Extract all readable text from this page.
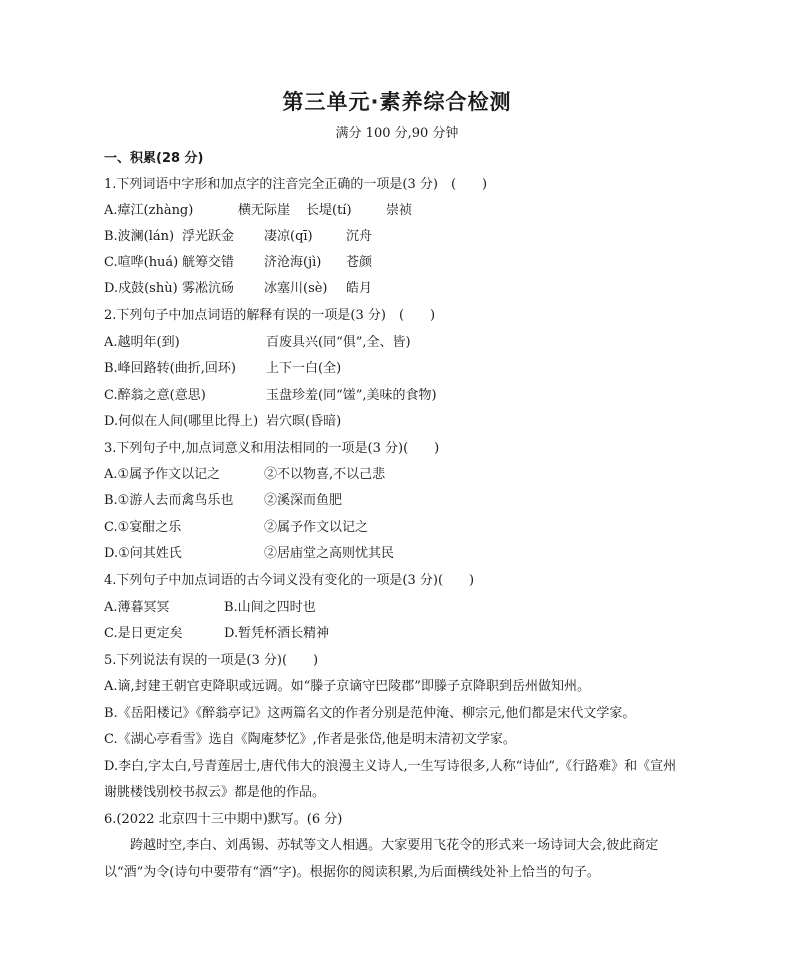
第三单元·素养综合检测
满分 100 分,90 分钟
一、积累(28 分)
1.下列词语中字形和加点字的注音完全正确的一项是(3 分)　(　　)
A.瘴江(zhàng)	横无际崖 长堤(tí)	崇祯
B.波澜(lán) 浮光跃金 凄凉(qī)	沉舟
C.喧哗(huá) 觥筹交错 济沧海(jì) 苍颜
D.戍鼓(shù) 雾凇沆砀 冰塞川(sè) 皓月
2.下列句子中加点词语的解释有误的一项是(3 分)　(　　)
A.越明年(到)	百废具兴(同“俱”,全、皆)
B.峰回路转(曲折,回环) 上下一白(全)
C.醉翁之意(意思)	玉盘珍羞(同“馐”,美味的食物)
D.何似在人间(哪里比得上) 岩穴暝(昏暗)
3.下列句子中,加点词意义和用法相同的一项是(3 分)(　　)
A.①属予作文以记之	②不以物喜,不以己悲
B.①游人去而禽鸟乐也 ②溪深而鱼肥
C.①宴酣之乐	②属予作文以记之
D.①问其姓氏	②居庙堂之高则忧其民
4.下列句子中加点词语的古今词义没有变化的一项是(3 分)(　　)
A.薄暮冥冥	B.山间之四时也
C.是日更定矣	D.暂凭杯酒长精神
5.下列说法有误的一项是(3 分)(　　)
A.谪,封建王朝官吏降职或远调。如“滕子京谪守巴陵郡”即滕子京降职到岳州做知州。
B.《岳阳楼记》《醉翁亭记》这两篇名文的作者分别是范仲淹、柳宗元,他们都是宋代文学家。
C.《湖心亭看雪》选自《陶庵梦忆》,作者是张岱,他是明末清初文学家。
D.李白,字太白,号青莲居士,唐代伟大的浪漫主义诗人,一生写诗很多,人称“诗仙”,《行路难》和《宣州
谢朓楼饯别校书叔云》都是他的作品。
6.(2022 北京四十三中期中)默写。(6 分)
跨越时空,李白、刘禹锡、苏轼等文人相遇。大家要用飞花令的形式来一场诗词大会,彼此商定
以“酒”为令(诗句中要带有“酒”字)。根据你的阅读积累,为后面横线处补上恰当的句子。
